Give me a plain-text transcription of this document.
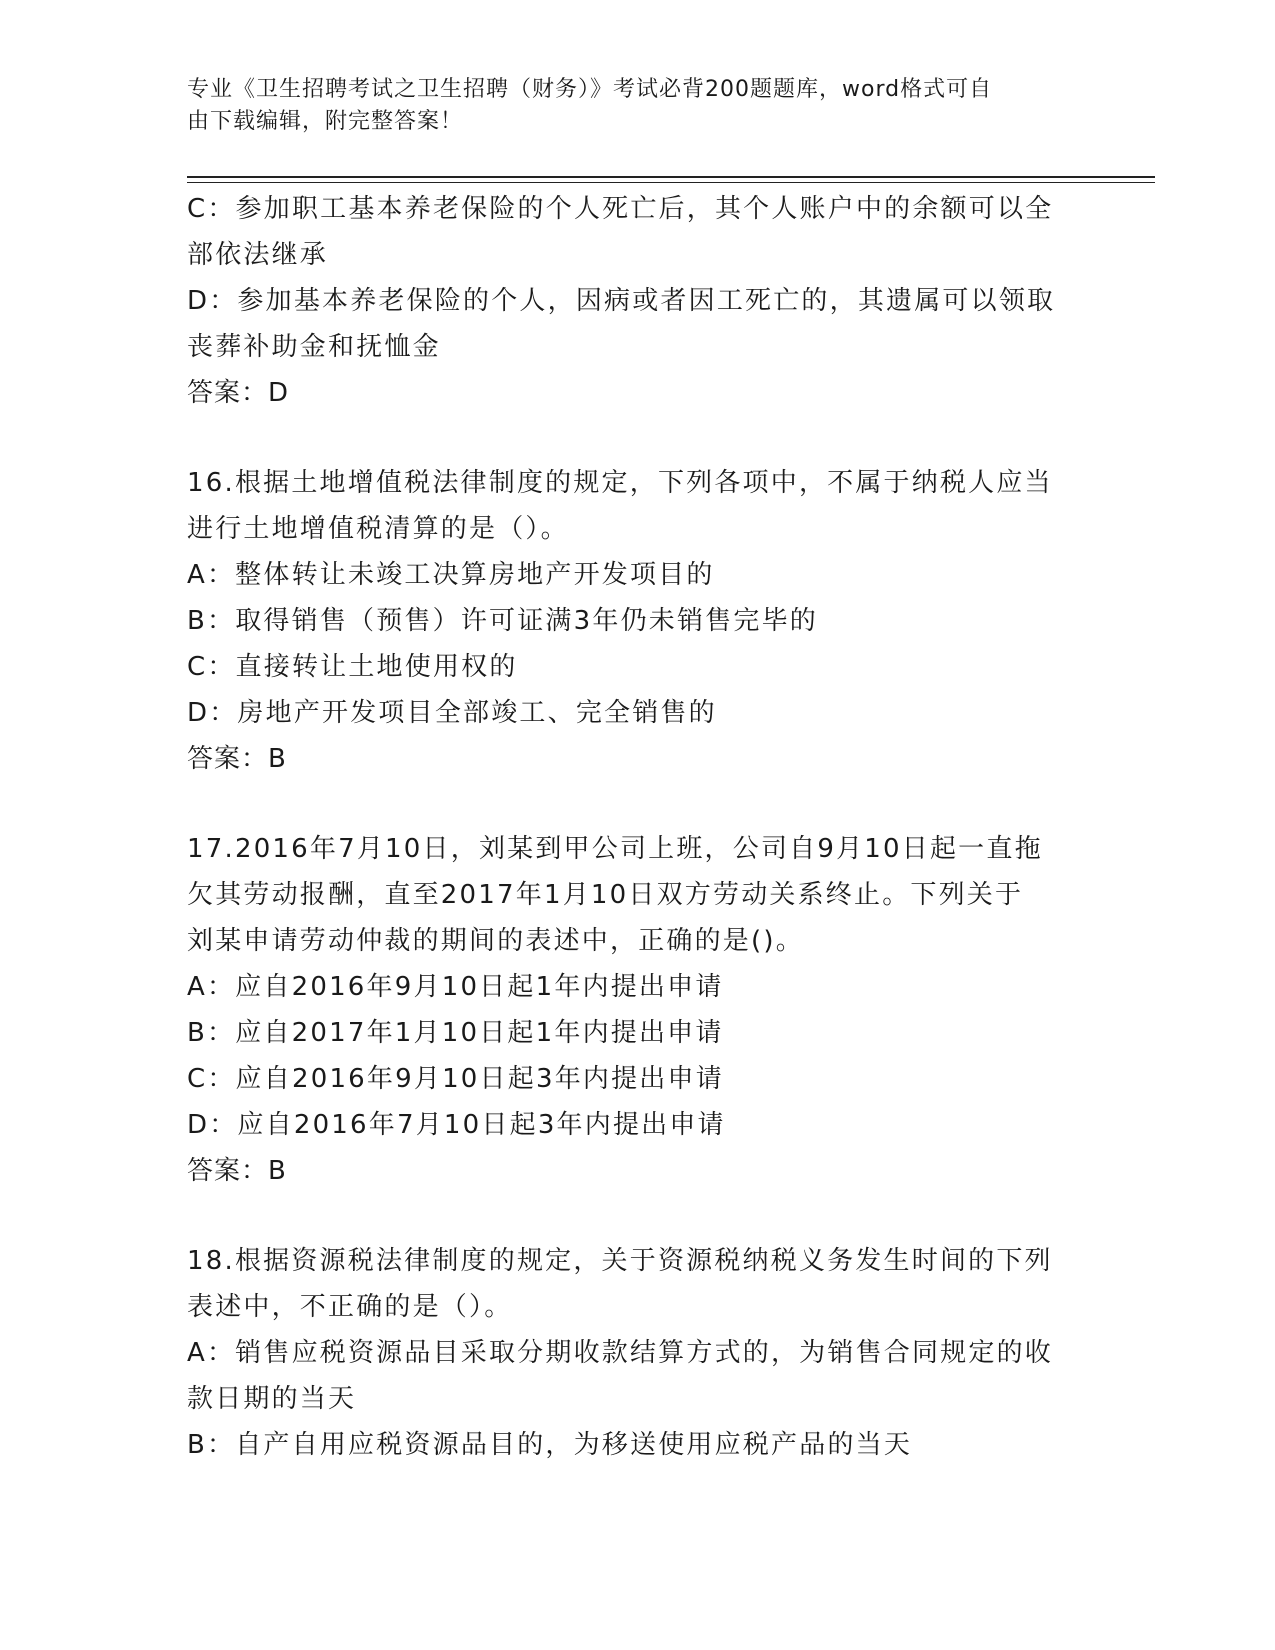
专业《卫生招聘考试之卫生招聘（财务）》考试必背200题题库，word格式可自
由下载编辑，附完整答案！
C：参加职工基本养老保险的个人死亡后，其个人账户中的余额可以全
部依法继承
D：参加基本养老保险的个人，因病或者因工死亡的，其遗属可以领取
丧葬补助金和抚恤金
答案：D
16.根据土地增值税法律制度的规定，下列各项中，不属于纳税人应当
进行土地增值税清算的是（）。
A：整体转让未竣工决算房地产开发项目的
B：取得销售（预售）许可证满3年仍未销售完毕的
C：直接转让土地使用权的
D：房地产开发项目全部竣工、完全销售的
答案：B
17.2016年7月10日，刘某到甲公司上班，公司自9月10日起一直拖
欠其劳动报酬，直至2017年1月10日双方劳动关系终止。下列关于
刘某申请劳动仲裁的期间的表述中，正确的是()。
A：应自2016年9月10日起1年内提出申请
B：应自2017年1月10日起1年内提出申请
C：应自2016年9月10日起3年内提出申请
D：应自2016年7月10日起3年内提出申请
答案：B
18.根据资源税法律制度的规定，关于资源税纳税义务发生时间的下列
表述中，不正确的是（）。
A：销售应税资源品目采取分期收款结算方式的，为销售合同规定的收
款日期的当天
B：自产自用应税资源品目的，为移送使用应税产品的当天
